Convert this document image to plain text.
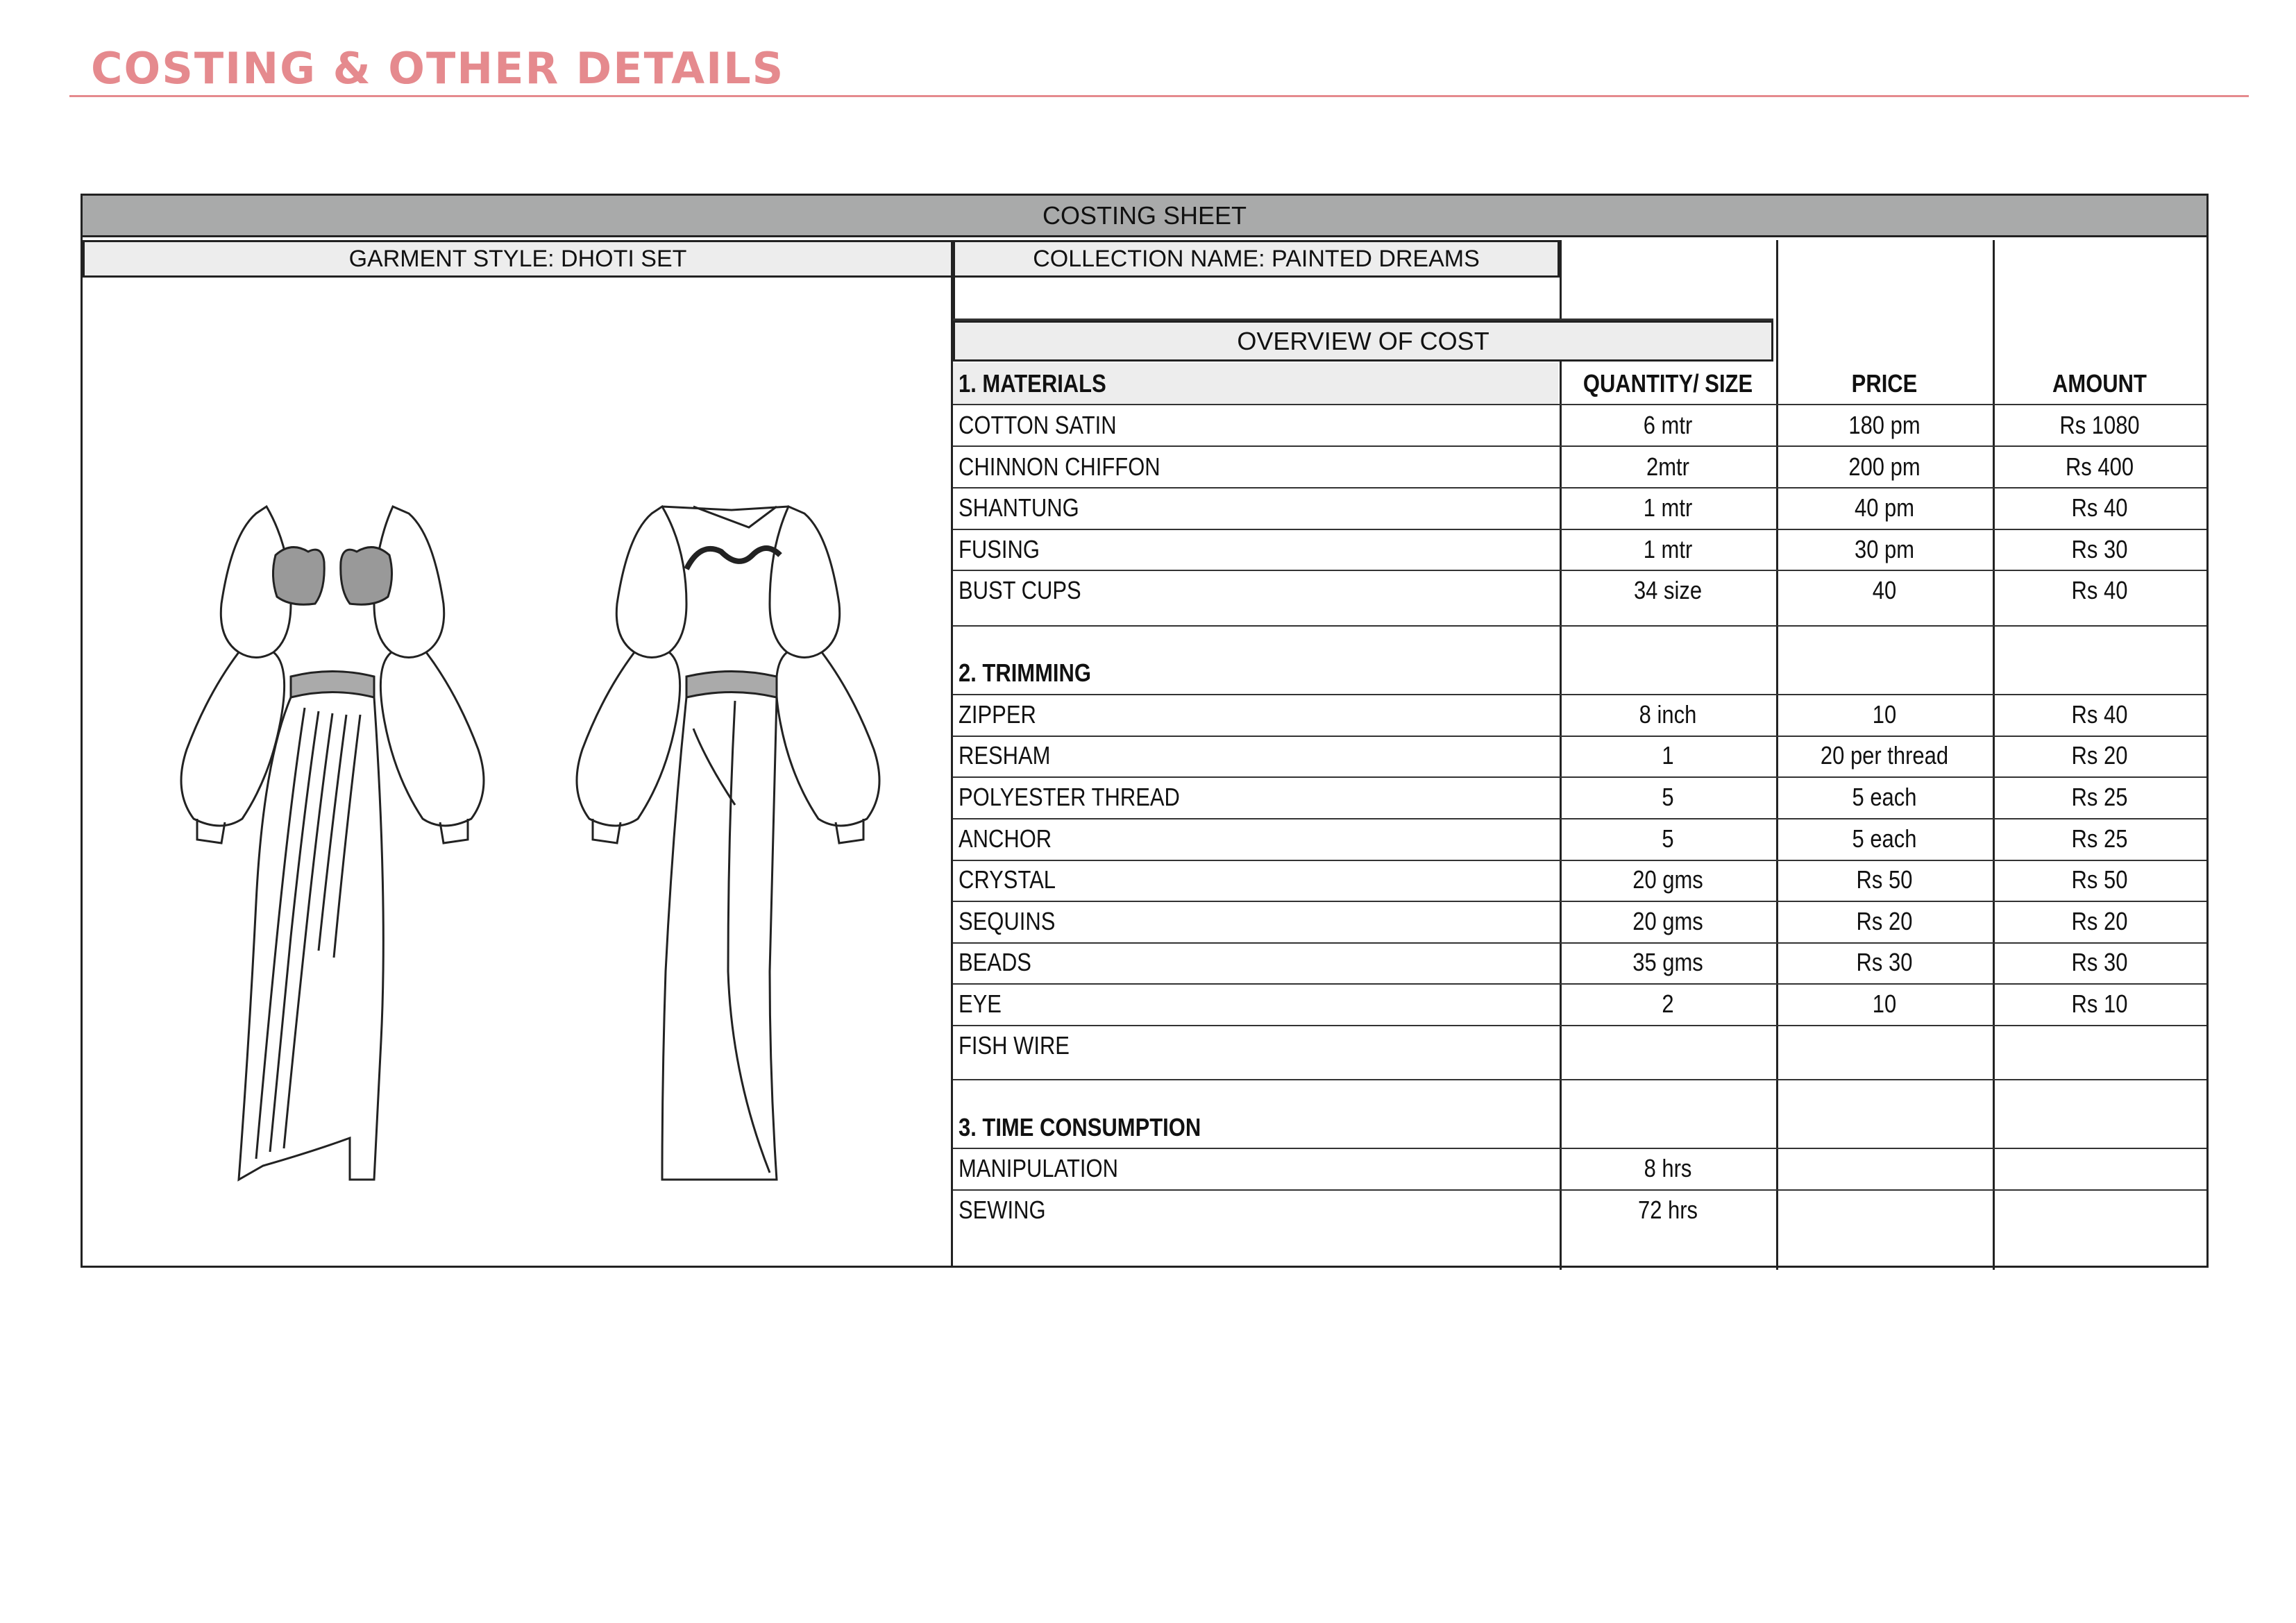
COSTING & OTHER DETAILS
COSTING SHEET
GARMENT STYLE: DHOTI SET	COLLECTION NAME: PAINTED DREAMS
OVERVIEW OF COST
1. MATERIALS	QUANTITY/ SIZE	PRICE	AMOUNT
COTTON SATIN	6 mtr	180 pm	Rs 1080
CHINNON CHIFFON	2mtr	200 pm	Rs 400
SHANTUNG	1 mtr	40 pm	Rs 40
FUSING	1 mtr	30 pm	Rs 30
BUST CUPS	34 size	40	Rs 40
2. TRIMMING
ZIPPER	8 inch	10	Rs 40
RESHAM	1	20 per thread	Rs 20
POLYESTER THREAD	5	5 each	Rs 25
ANCHOR	5	5 each	Rs 25
CRYSTAL	20 gms	Rs 50	Rs 50
SEQUINS	20 gms	Rs 20	Rs 20
BEADS	35 gms	Rs 30	Rs 30
EYE	2	10	Rs 10
FISH WIRE
3. TIME CONSUMPTION
MANIPULATION	8 hrs
SEWING	72 hrs
